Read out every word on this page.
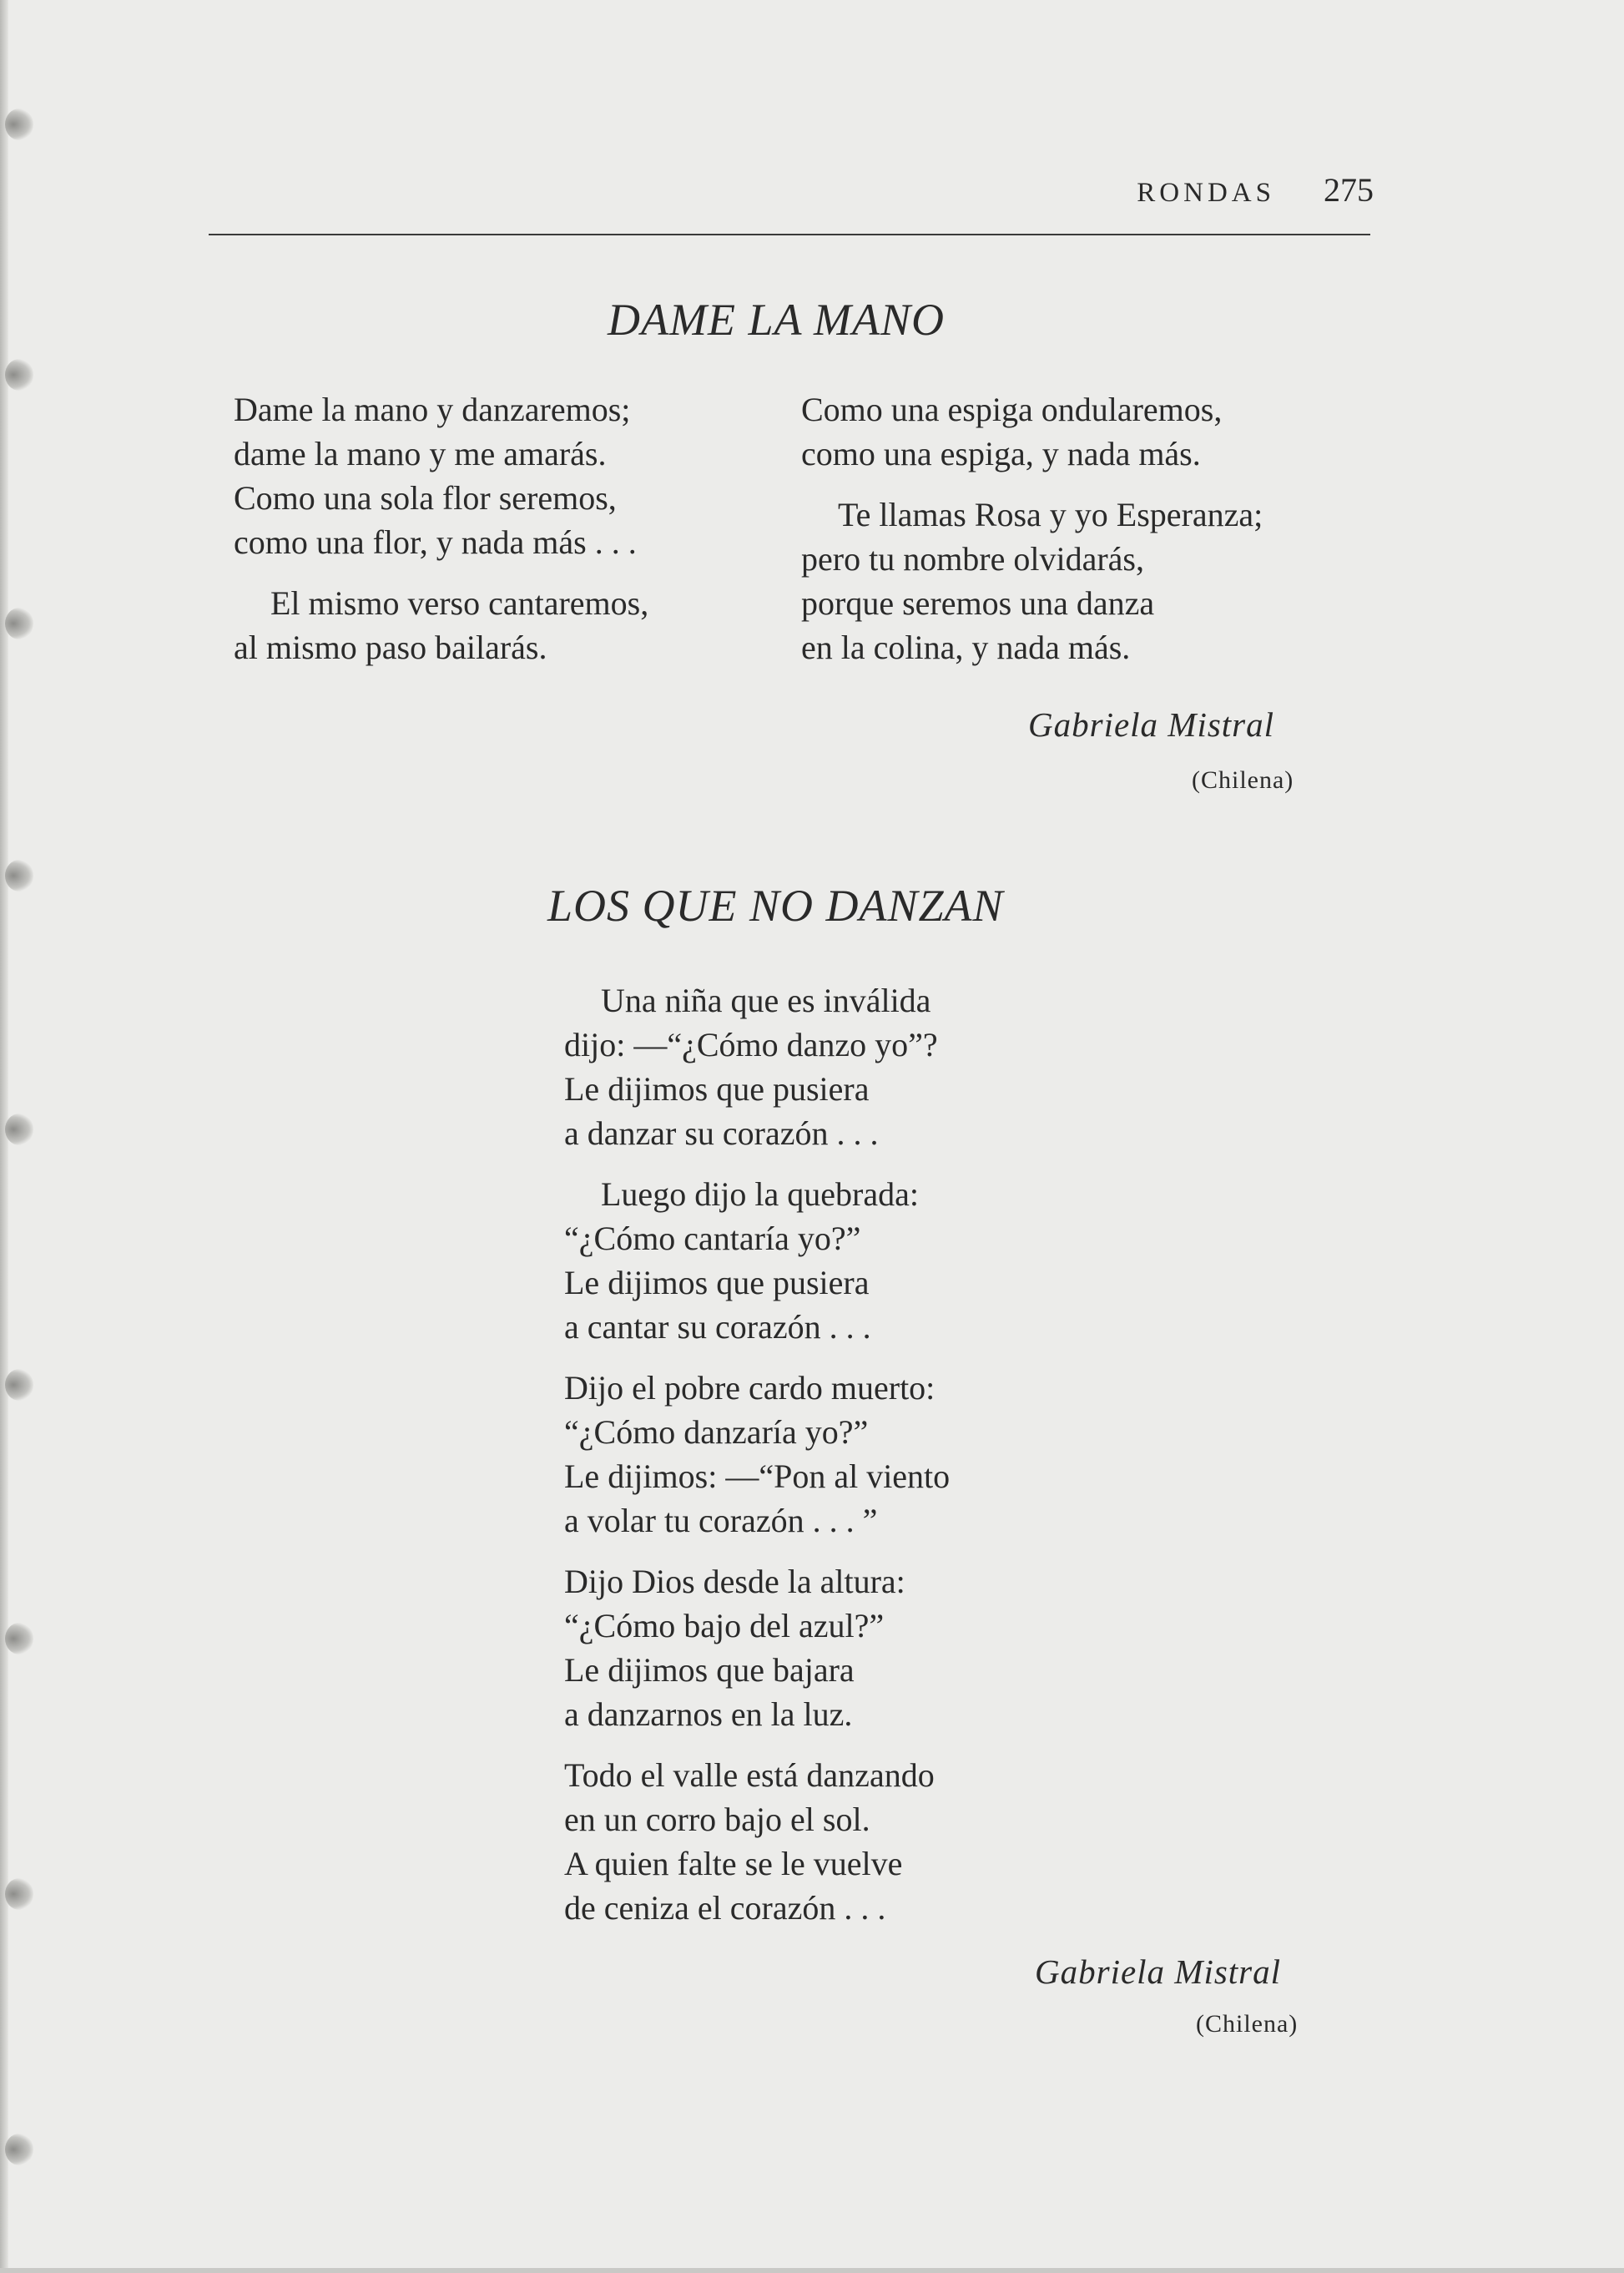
RONDAS 275
DAME LA MANO
Dame la mano y danzaremos;
dame la mano y me amarás.
Como una sola flor seremos,
como una flor, y nada más . . .
El mismo verso cantaremos,
al mismo paso bailarás.
Como una espiga ondularemos,
como una espiga, y nada más.
Te llamas Rosa y yo Esperanza;
pero tu nombre olvidarás,
porque seremos una danza
en la colina, y nada más.
Gabriela Mistral
(Chilena)
LOS QUE NO DANZAN
Una niña que es inválida
dijo: —“¿Cómo danzo yo”?
Le dijimos que pusiera
a danzar su corazón . . .
Luego dijo la quebrada:
“¿Cómo cantaría yo?”
Le dijimos que pusiera
a cantar su corazón . . .
Dijo el pobre cardo muerto:
“¿Cómo danzaría yo?”
Le dijimos: —“Pon al viento
a volar tu corazón . . . ”
Dijo Dios desde la altura:
“¿Cómo bajo del azul?”
Le dijimos que bajara
a danzarnos en la luz.
Todo el valle está danzando
en un corro bajo el sol.
A quien falte se le vuelve
de ceniza el corazón . . .
Gabriela Mistral
(Chilena)
